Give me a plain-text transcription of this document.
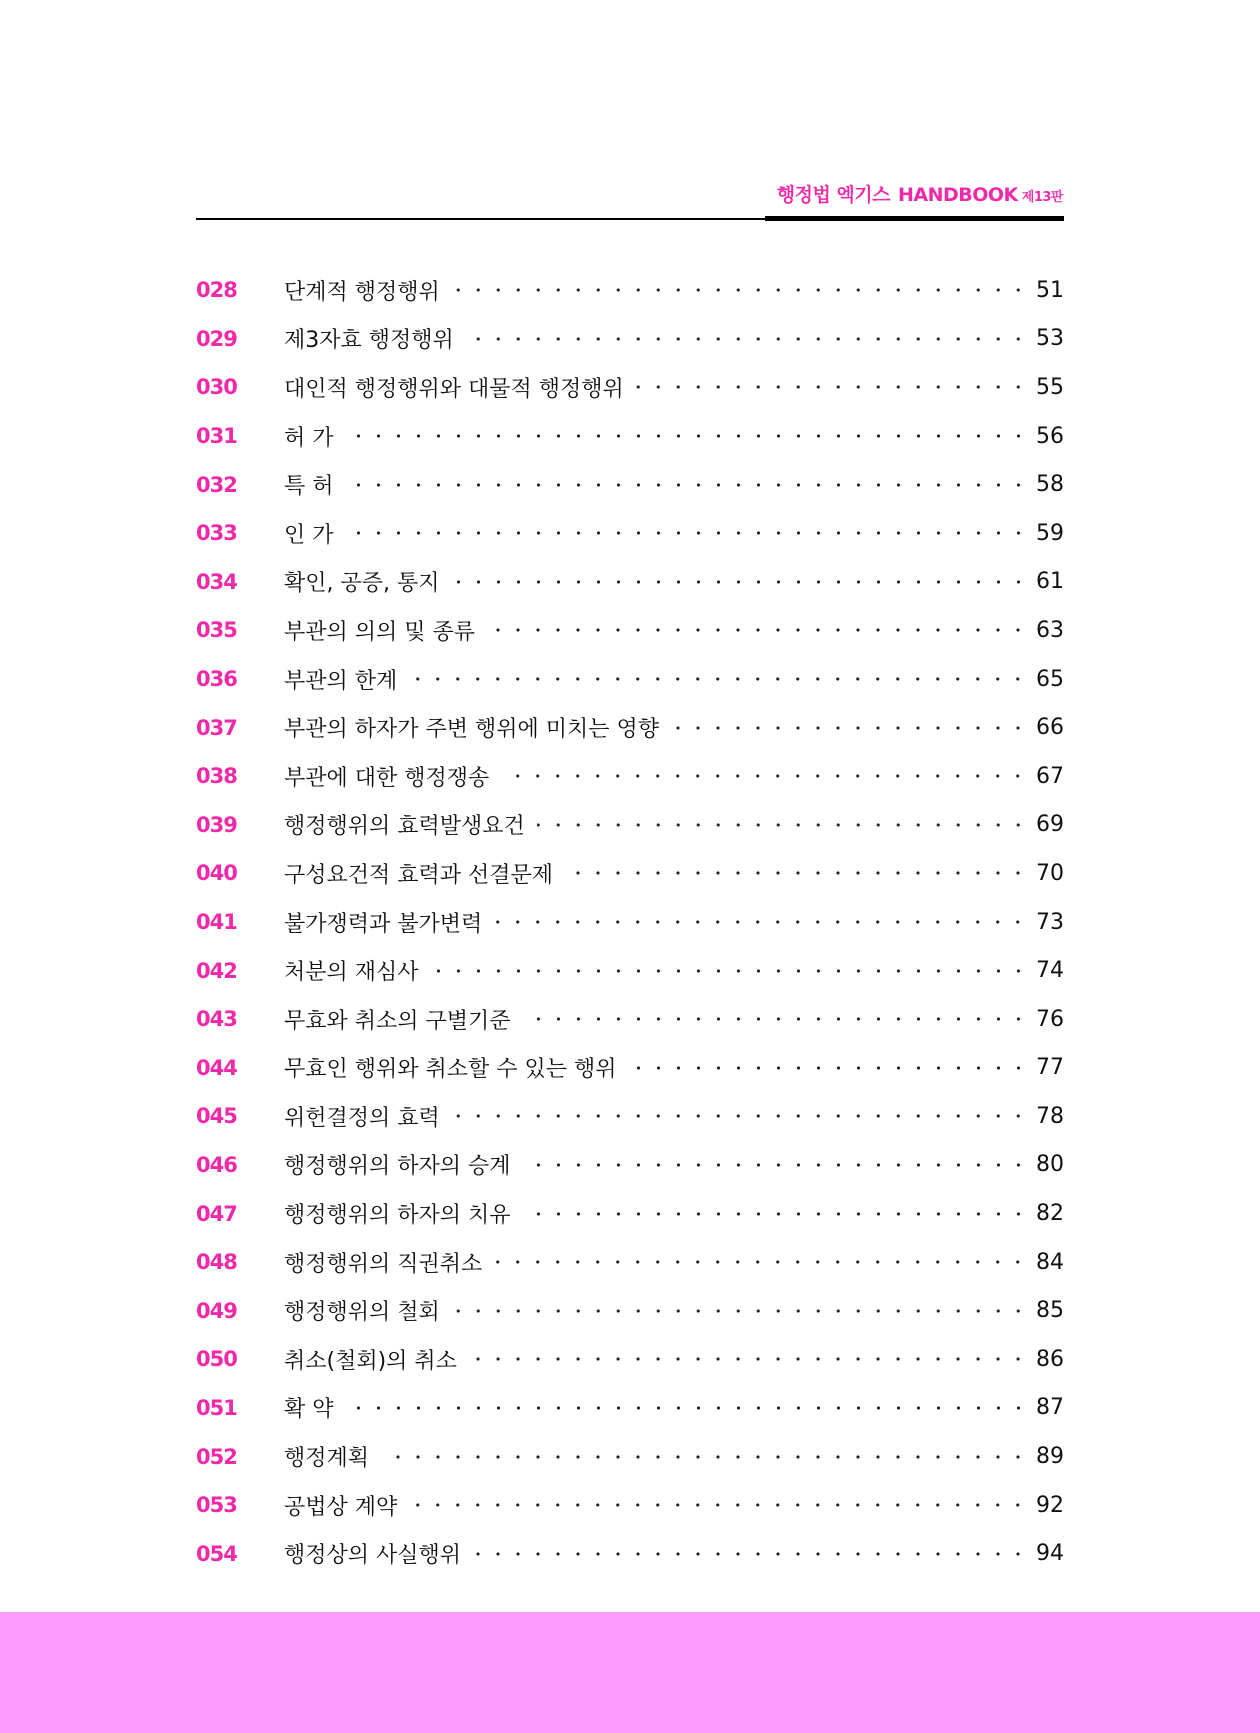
행정법 엑기스 HANDBOOK 제13판
028	단계적 행정행위	51
029	제3자효 행정행위	53
030	대인적 행정행위와 대물적 행정행위	55
031	허 가	56
032	특 허	58
033	인 가	59
034	확인, 공증, 통지	61
035	부관의 의의 및 종류	63
036	부관의 한계	65
037	부관의 하자가 주변 행위에 미치는 영향	66
038	부관에 대한 행정쟁송	67
039	행정행위의 효력발생요건	69
040	구성요건적 효력과 선결문제	70
041	불가쟁력과 불가변력	73
042	처분의 재심사	74
043	무효와 취소의 구별기준	76
044	무효인 행위와 취소할 수 있는 행위	77
045	위헌결정의 효력	78
046	행정행위의 하자의 승계	80
047	행정행위의 하자의 치유	82
048	행정행위의 직권취소	84
049	행정행위의 철회	85
050	취소(철회)의 취소	86
051	확 약	87
052	행정계획	89
053	공법상 계약	92
054	행정상의 사실행위	94
